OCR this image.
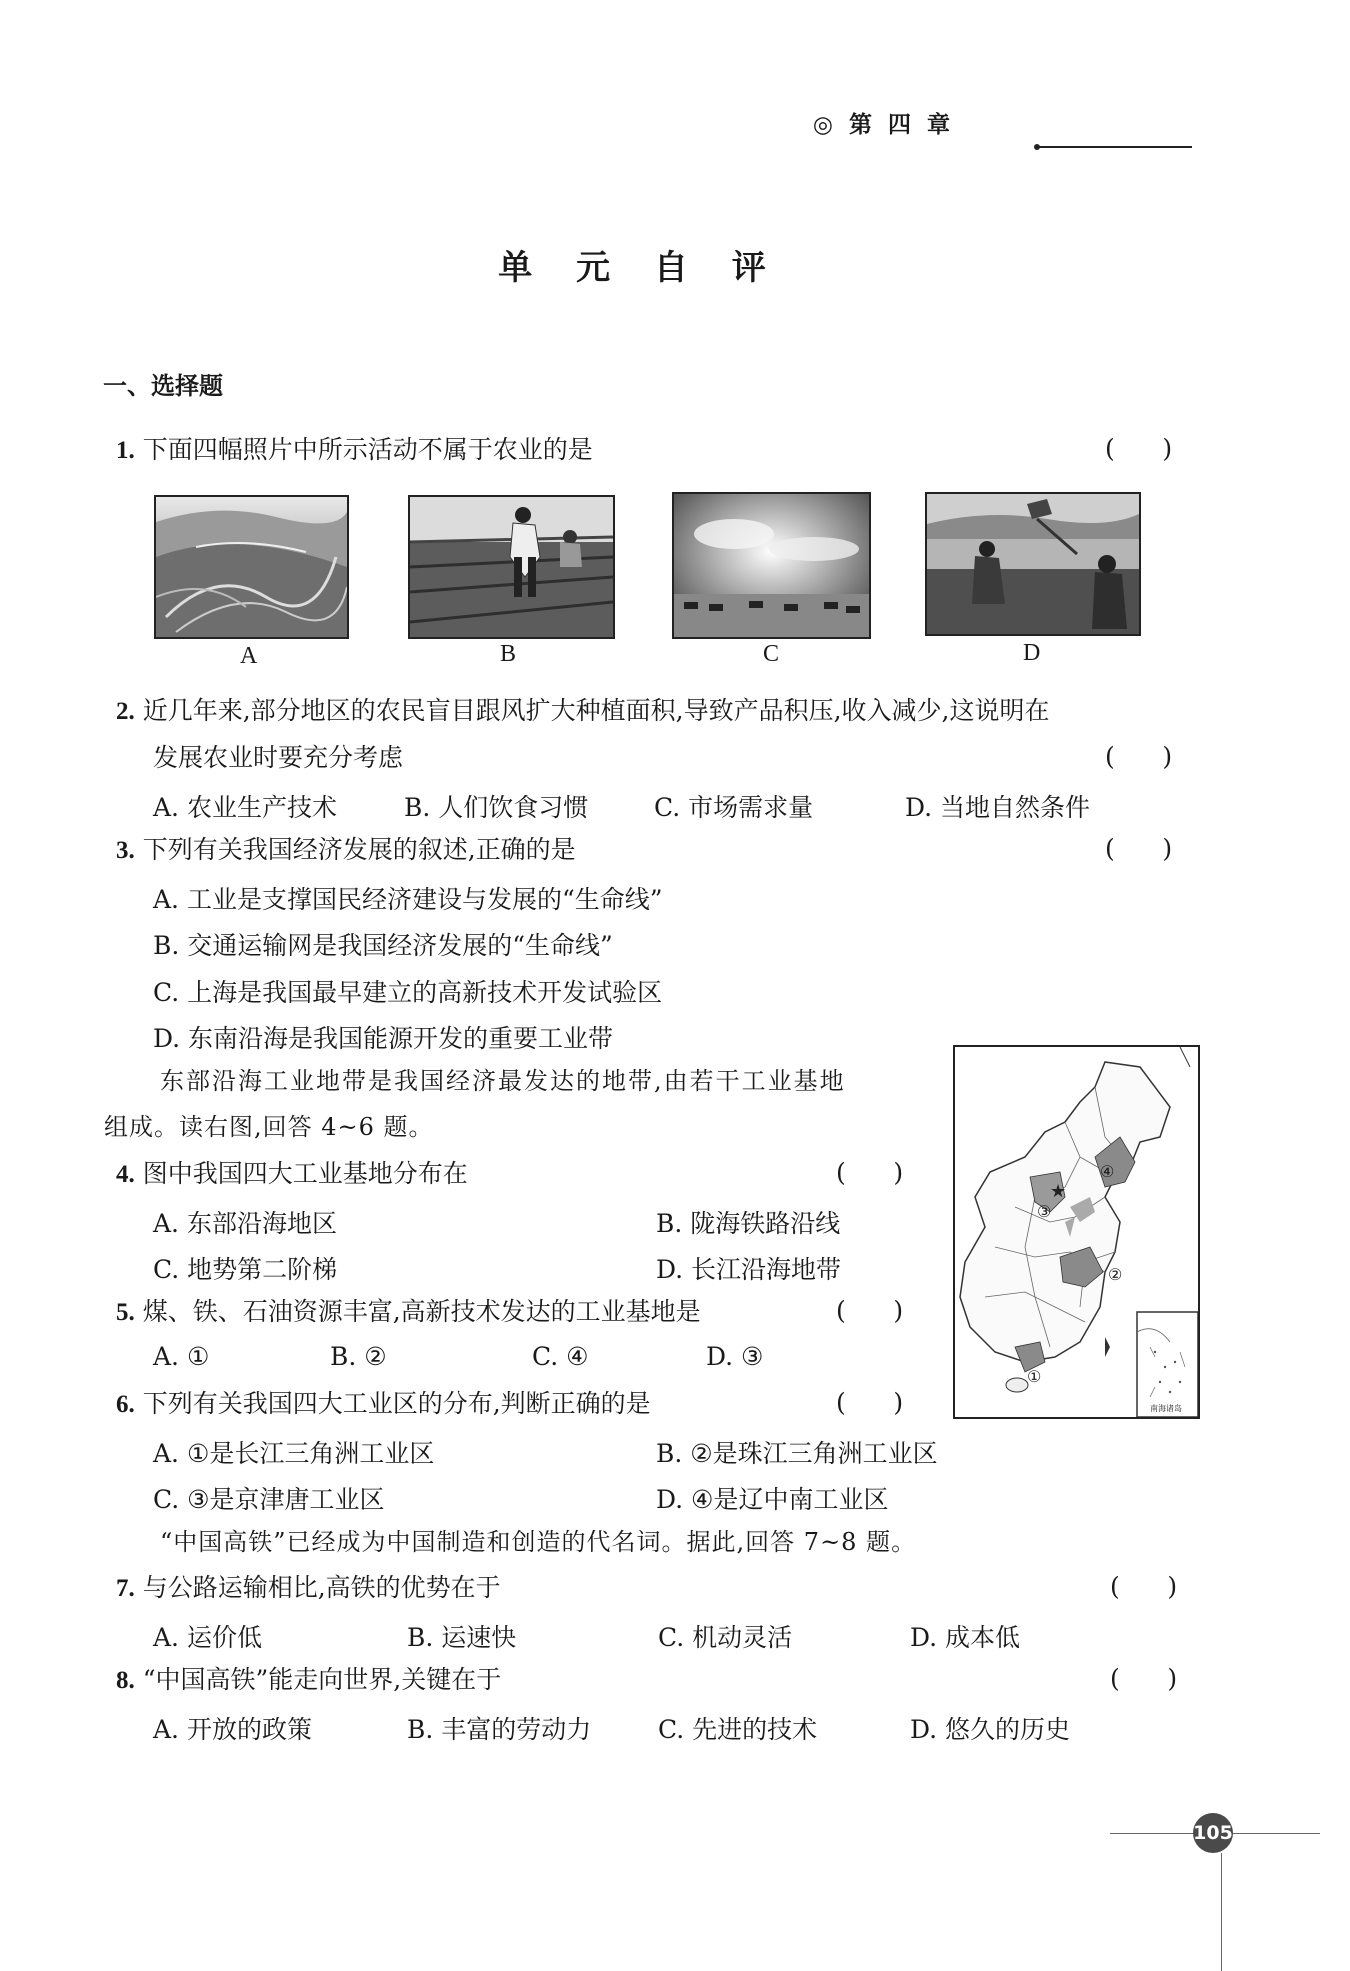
◎ 第 四 章
单 元 自 评
一、选择题
1. 下面四幅照片中所示活动不属于农业的是	(      )
A	B	C	D
2. 近几年来,部分地区的农民盲目跟风扩大种植面积,导致产品积压,收入减少,这说明在
发展农业时要充分考虑	(      )
A. 农业生产技术	B. 人们饮食习惯	C. 市场需求量	D. 当地自然条件
3. 下列有关我国经济发展的叙述,正确的是	(      )
A. 工业是支撑国民经济建设与发展的“生命线”
B. 交通运输网是我国经济发展的“生命线”
C. 上海是我国最早建立的高新技术开发试验区
D. 东南沿海是我国能源开发的重要工业带
东部沿海工业地带是我国经济最发达的地带,由若干工业基地
组成。读右图,回答 4~6 题。
★
①
②
③
④
南海诸岛
4. 图中我国四大工业基地分布在	(      )
A. 东部沿海地区	B. 陇海铁路沿线
C. 地势第二阶梯	D. 长江沿海地带
5. 煤、铁、石油资源丰富,高新技术发达的工业基地是	(      )
A. ①	B. ②	C. ④	D. ③
6. 下列有关我国四大工业区的分布,判断正确的是	(      )
A. ①是长江三角洲工业区	B. ②是珠江三角洲工业区
C. ③是京津唐工业区	D. ④是辽中南工业区
“中国高铁”已经成为中国制造和创造的代名词。据此,回答 7~8 题。
7. 与公路运输相比,高铁的优势在于	(      )
A. 运价低	B. 运速快	C. 机动灵活	D. 成本低
8. “中国高铁”能走向世界,关键在于	(      )
A. 开放的政策	B. 丰富的劳动力	C. 先进的技术	D. 悠久的历史
105
